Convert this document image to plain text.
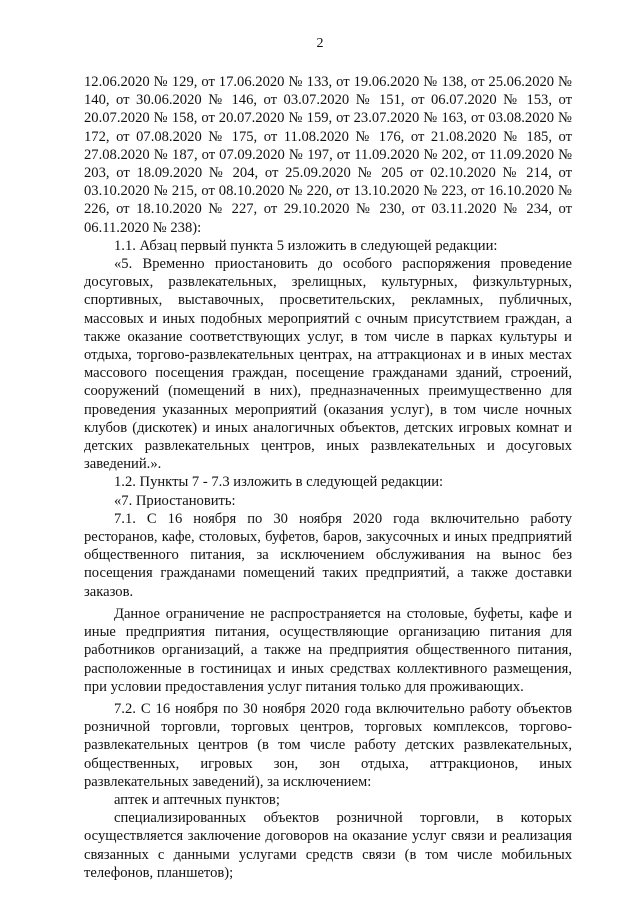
2

12.06.2020 № 129, от 17.06.2020 № 133, от 19.06.2020 № 138, от 25.06.2020 № 140, от 30.06.2020 № 146, от 03.07.2020 № 151, от 06.07.2020 № 153, от 20.07.2020 № 158, от 20.07.2020 № 159, от 23.07.2020 № 163, от 03.08.2020 № 172, от 07.08.2020 № 175, от 11.08.2020 № 176, от 21.08.2020 № 185, от 27.08.2020 № 187, от 07.09.2020 № 197, от 11.09.2020 № 202, от 11.09.2020 № 203, от 18.09.2020 № 204, от 25.09.2020 № 205 от 02.10.2020 № 214, от 03.10.2020 № 215, от 08.10.2020 № 220, от 13.10.2020 № 223, от 16.10.2020 № 226, от 18.10.2020 № 227, от 29.10.2020 № 230, от 03.11.2020 № 234, от 06.11.2020 № 238):

1.1. Абзац первый пункта 5 изложить в следующей редакции:

«5. Временно приостановить до особого распоряжения проведение досуговых, развлекательных, зрелищных, культурных, физкультурных, спортивных, выставочных, просветительских, рекламных, публичных, массовых и иных подобных мероприятий с очным присутствием граждан, а также оказание соответствующих услуг, в том числе в парках культуры и отдыха, торгово-развлекательных центрах, на аттракционах и в иных местах массового посещения граждан, посещение гражданами зданий, строений, сооружений (помещений в них), предназначенных преимущественно для проведения указанных мероприятий (оказания услуг), в том числе ночных клубов (дискотек) и иных аналогичных объектов, детских игровых комнат и детских развлекательных центров, иных развлекательных и досуговых заведений.».

1.2. Пункты 7 - 7.3 изложить в следующей редакции:

«7. Приостановить:

7.1. С 16 ноября по 30 ноября 2020 года включительно работу ресторанов, кафе, столовых, буфетов, баров, закусочных и иных предприятий общественного питания, за исключением обслуживания на вынос без посещения гражданами помещений таких предприятий, а также доставки заказов.

Данное ограничение не распространяется на столовые, буфеты, кафе и иные предприятия питания, осуществляющие организацию питания для работников организаций, а также на предприятия общественного питания, расположенные в гостиницах и иных средствах коллективного размещения, при условии предоставления услуг питания только для проживающих.

7.2. С 16 ноября по 30 ноября 2020 года включительно работу объектов розничной торговли, торговых центров, торговых комплексов, торгово-развлекательных центров (в том числе работу детских развлекательных, общественных, игровых зон, зон отдыха, аттракционов, иных развлекательных заведений), за исключением:

аптек и аптечных пунктов;

специализированных объектов розничной торговли, в которых осуществляется заключение договоров на оказание услуг связи и реализация связанных с данными услугами средств связи (в том числе мобильных телефонов, планшетов);
